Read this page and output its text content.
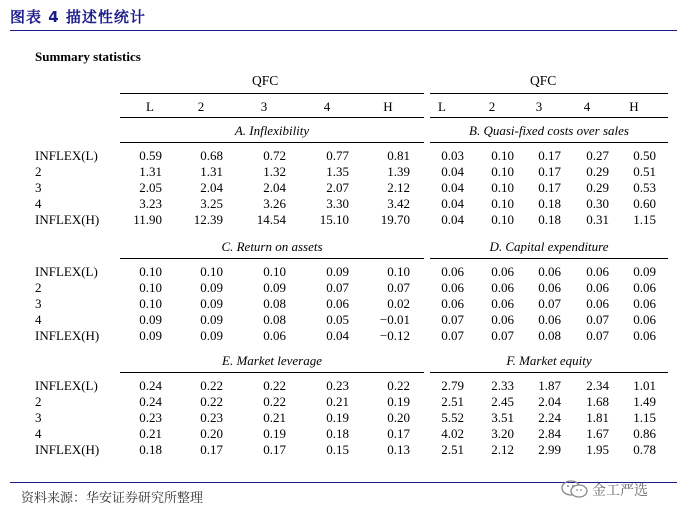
图表 4 描述性统计
Summary statistics
QFC	QFC
L	2	3	4	H	L	2	3	4	H
A. Inflexibility	B. Quasi-fixed costs over sales
INFLEX(L)	0.59	0.68	0.72	0.77	0.81	0.03	0.10	0.17	0.27	0.50
2	1.31	1.31	1.32	1.35	1.39	0.04	0.10	0.17	0.29	0.51
3	2.05	2.04	2.04	2.07	2.12	0.04	0.10	0.17	0.29	0.53
4	3.23	3.25	3.26	3.30	3.42	0.04	0.10	0.18	0.30	0.60
INFLEX(H)	11.90	12.39	14.54	15.10	19.70	0.04	0.10	0.18	0.31	1.15
C. Return on assets	D. Capital expenditure
INFLEX(L)	0.10	0.10	0.10	0.09	0.10	0.06	0.06	0.06	0.06	0.09
2	0.10	0.09	0.09	0.07	0.07	0.06	0.06	0.06	0.06	0.06
3	0.10	0.09	0.08	0.06	0.02	0.06	0.06	0.07	0.06	0.06
4	0.09	0.09	0.08	0.05	−0.01	0.07	0.06	0.06	0.07	0.06
INFLEX(H)	0.09	0.09	0.06	0.04	−0.12	0.07	0.07	0.08	0.07	0.06
E. Market leverage	F. Market equity
INFLEX(L)	0.24	0.22	0.22	0.23	0.22	2.79	2.33	1.87	2.34	1.01
2	0.24	0.22	0.22	0.21	0.19	2.51	2.45	2.04	1.68	1.49
3	0.23	0.23	0.21	0.19	0.20	5.52	3.51	2.24	1.81	1.15
4	0.21	0.20	0.19	0.18	0.17	4.02	3.20	2.84	1.67	0.86
INFLEX(H)	0.18	0.17	0.17	0.15	0.13	2.51	2.12	2.99	1.95	0.78
资料来源：华安证券研究所整理	金工严选
